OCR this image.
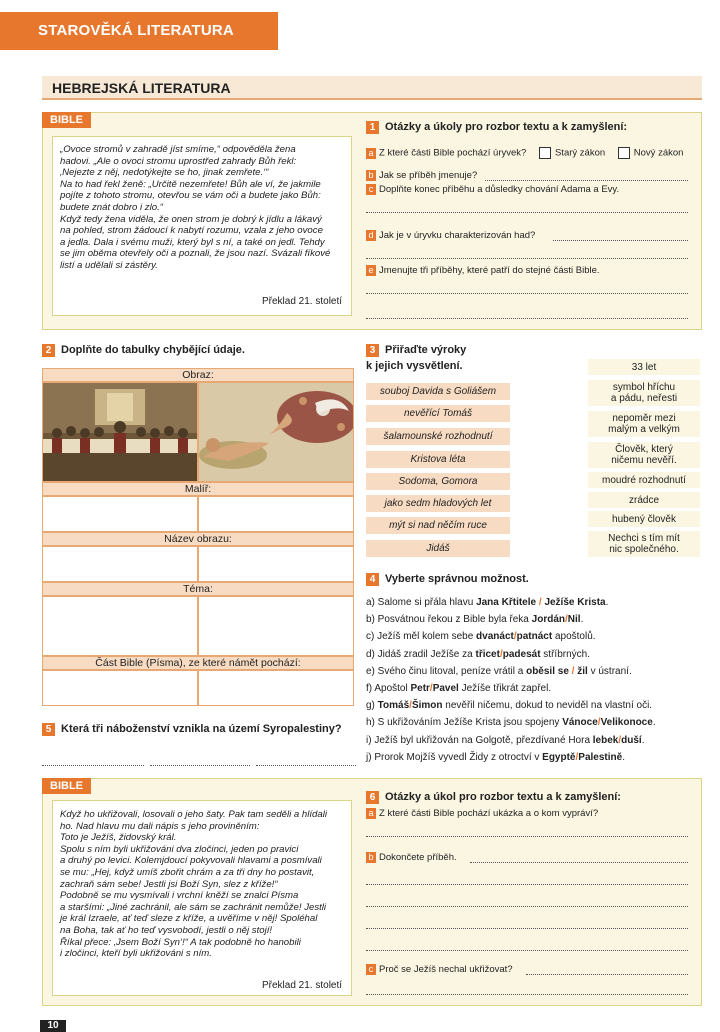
STAROVĚKÁ LITERATURA
HEBREJSKÁ LITERATURA
BIBLE
„Ovoce stromů v zahradě jíst smíme,“ odpověděla žena
hadovi. „Ale o ovoci stromu uprostřed zahrady Bůh řekl:
‚Nejezte z něj, nedotýkejte se ho, jinak zemřete.‘“
Na to had řekl ženě: „Určitě nezemřete! Bůh ale ví, že jakmile
pojíte z tohoto stromu, otevřou se vám oči a budete jako Bůh:
budete znát dobro i zlo.“
Když tedy žena viděla, že onen strom je dobrý k jídlu a lákavý
na pohled, strom žádoucí k nabytí rozumu, vzala z jeho ovoce
a jedla. Dala i svému muži, který byl s ní, a také on jedl. Tehdy
se jim oběma otevřely oči a poznali, že jsou nazí. Svázali fíkové
listí a udělali si zástěry.
Překlad 21. století
1 Otázky a úkoly pro rozbor textu a k zamyšlení:
a Z které části Bible pochází úryvek?	Starý zákon	Nový zákon
b Jak se příběh jmenuje?
c Doplňte konec příběhu a důsledky chování Adama a Evy.
d Jak je v úryvku charakterizován had?
e Jmenujte tři příběhy, které patří do stejné části Bible.
2 Doplňte do tabulky chybějící údaje.
Obraz:
Malíř:
Název obrazu:
Téma:
Část Bible (Písma), ze které námět pochází:
3 Přiřaďte výroky
k jejich vysvětlení.
souboj Davida s Goliášem
nevěřící Tomáš
šalamounské rozhodnutí
Kristova léta
Sodoma, Gomora
jako sedm hladových let
mýt si nad něčím ruce
Jidáš
33 let
symbol hříchu
a pádu, neřesti
nepoměr mezi
malým a velkým
Člověk, který
ničemu nevěří.
moudré rozhodnutí
zrádce
hubený člověk
Nechci s tím mít
nic společného.
4 Vyberte správnou možnost.
a) Salome si přála hlavu Jana Křtitele / Ježíše Krista.
b) Posvátnou řekou z Bible byla řeka Jordán/Nil.
c) Ježíš měl kolem sebe dvanáct/patnáct apoštolů.
d) Jidáš zradil Ježíše za třicet/padesát stříbrných.
e) Svého činu litoval, peníze vrátil a oběsil se / žil v ústraní.
f) Apoštol Petr/Pavel Ježíše třikrát zapřel.
g) Tomáš/Šimon nevěřil ničemu, dokud to neviděl na vlastní oči.
h) S ukřižováním Ježíše Krista jsou spojeny Vánoce/Velikonoce.
i) Ježíš byl ukřižován na Golgotě, přezdívané Hora lebek/duší.
j) Prorok Mojžíš vyvedl Židy z otroctví v Egyptě/Palestině.
5 Která tři náboženství vznikla na území Syropalestiny?
BIBLE
Když ho ukřižovali, losovali o jeho šaty. Pak tam seděli a hlídali
ho. Nad hlavu mu dali nápis s jeho proviněním:
Toto je Ježíš, židovský král.
Spolu s ním byli ukřižováni dva zločinci, jeden po pravici
a druhý po levici. Kolemjdoucí pokyvovali hlavami a posmívali
se mu: „Hej, když umíš zbořit chrám a za tři dny ho postavit,
zachraň sám sebe! Jestli jsi Boží Syn, slez z kříže!“
Podobně se mu vysmívali i vrchní kněží se znalci Písma
a staršími: „Jiné zachránil, ale sám se zachránit nemůže! Jestli
je král Izraele, ať teď sleze z kříže, a uvěříme v něj! Spoléhal
na Boha, tak ať ho teď vysvobodí, jestli o něj stojí!
Říkal přece: ‚Jsem Boží Syn‘!“ A tak podobně ho hanobili
i zločinci, kteří byli ukřižováni s ním.
Překlad 21. století
6 Otázky a úkol pro rozbor textu a k zamyšlení:
a Z které části Bible pochází ukázka a o kom vypráví?
b Dokončete příběh.
c Proč se Ježíš nechal ukřižovat?
10
